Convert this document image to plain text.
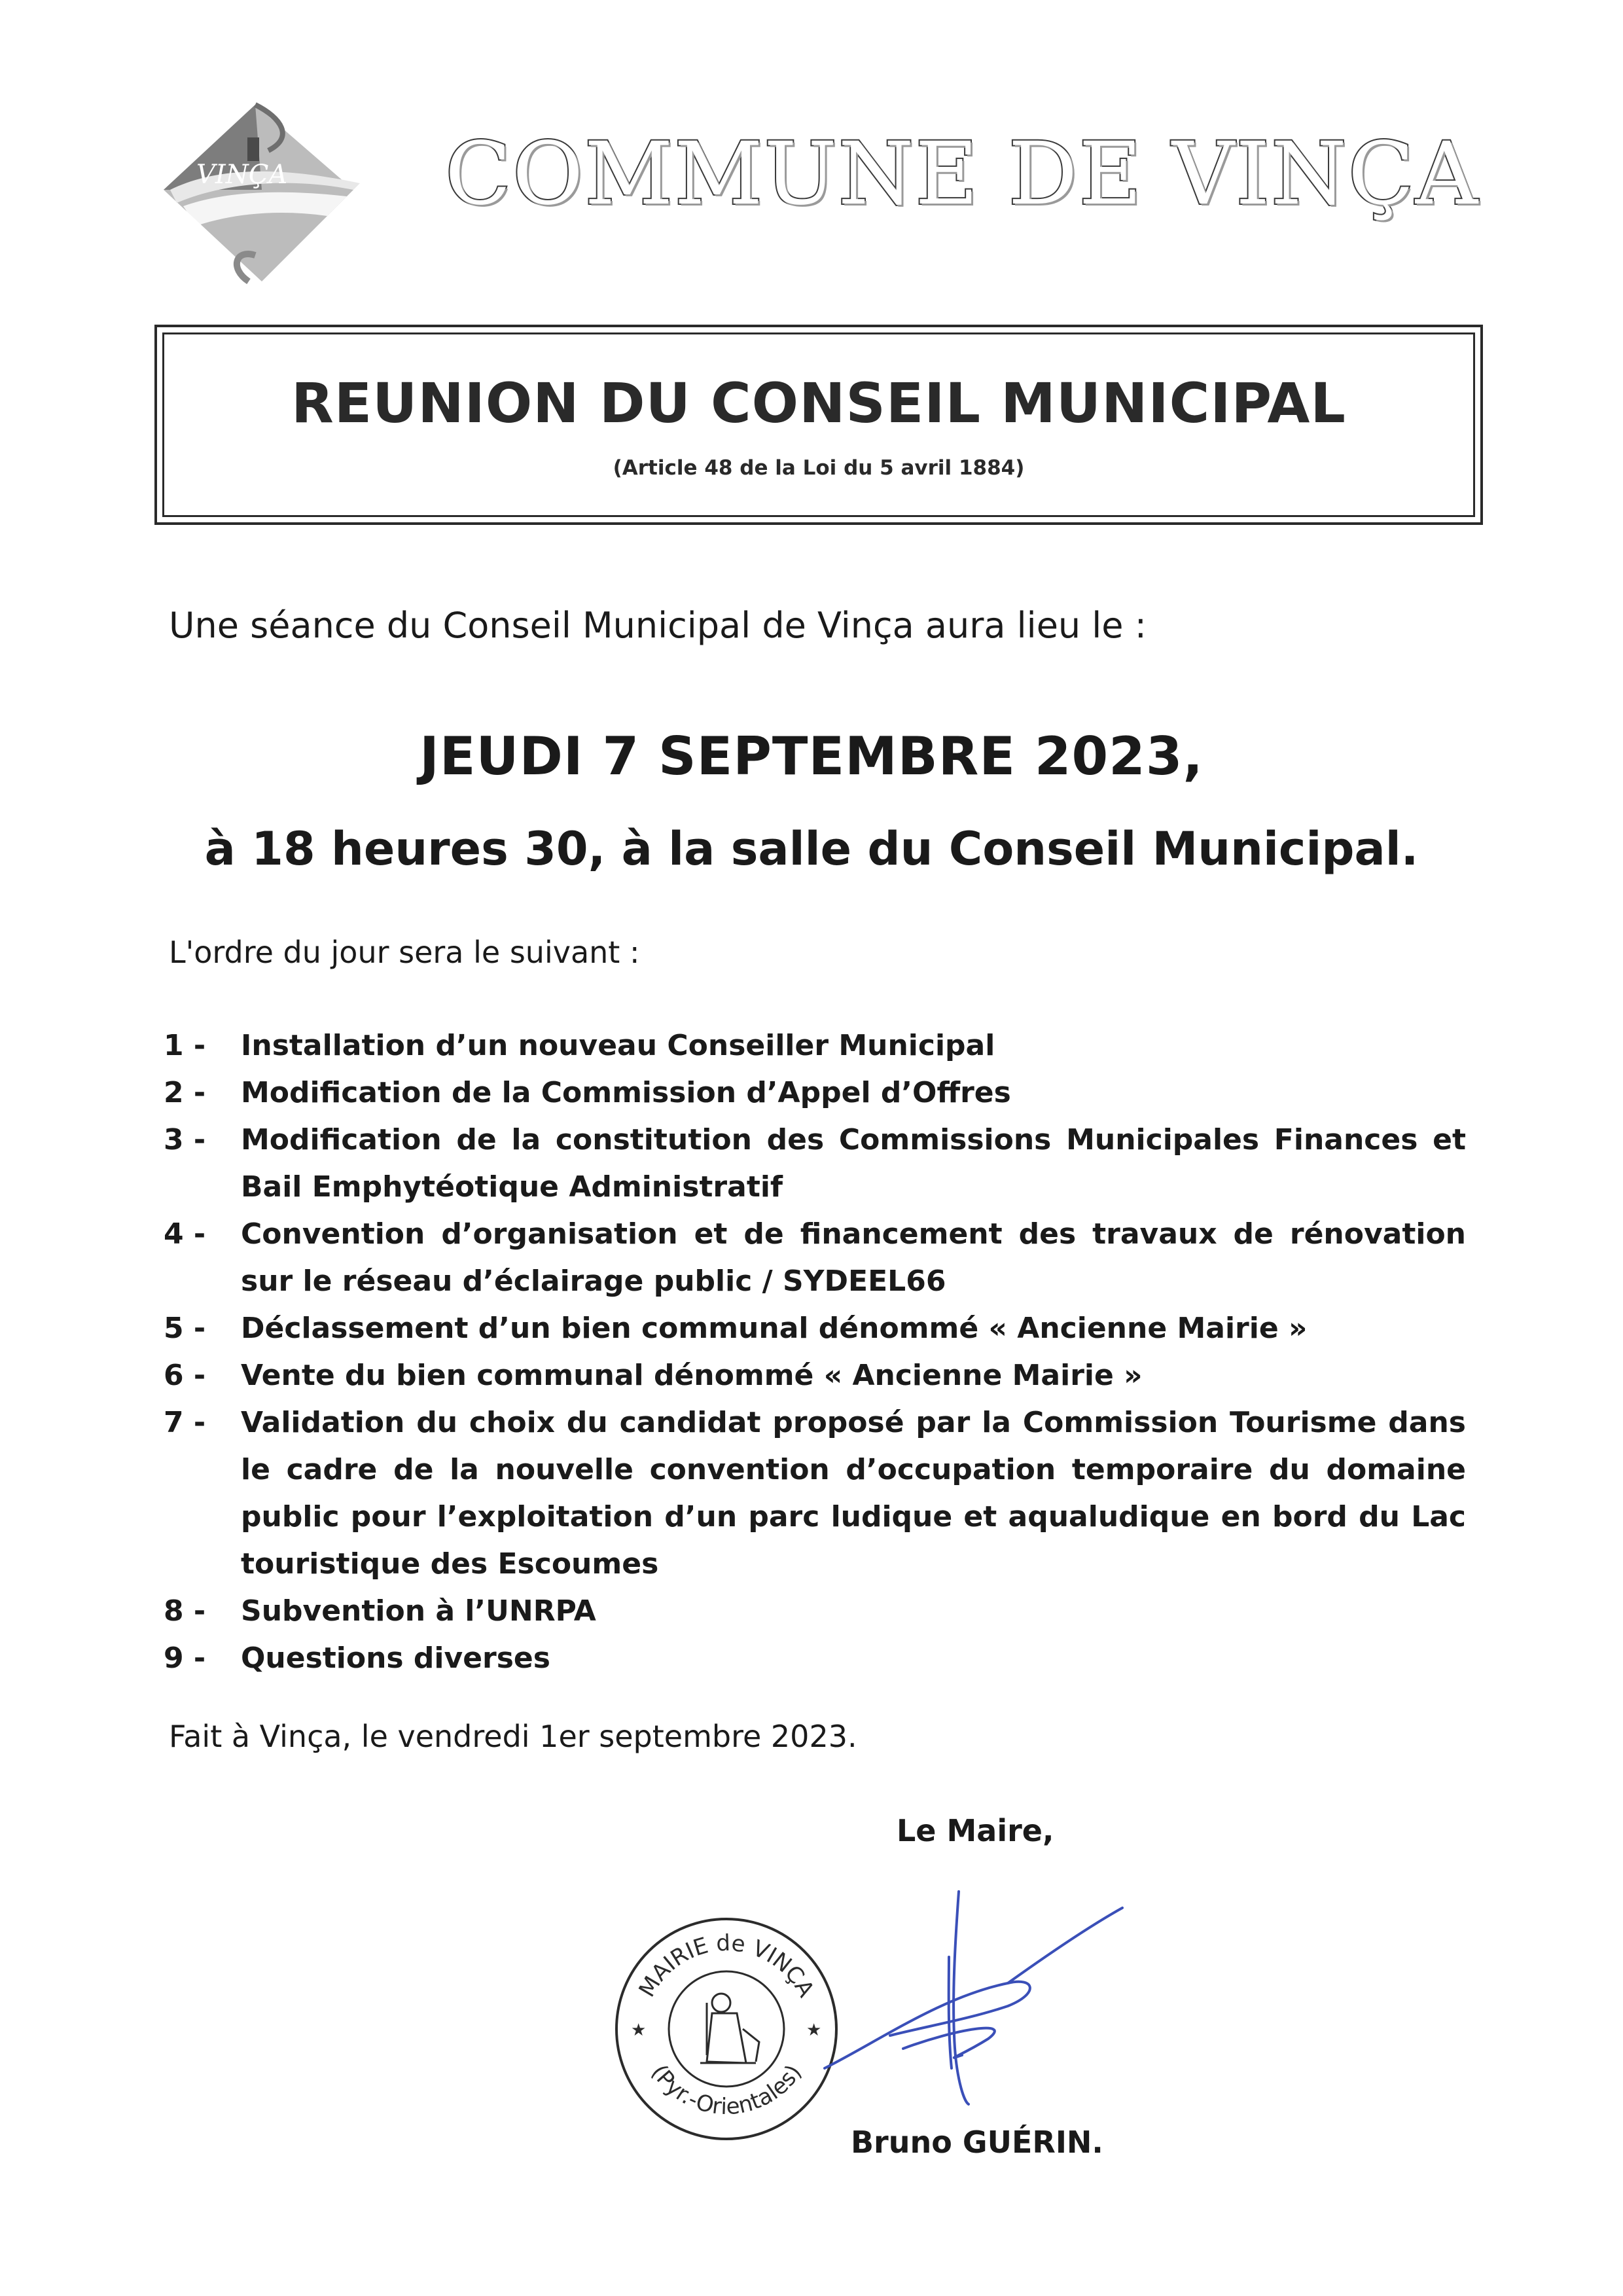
VINÇA COMMUNE DE VINÇA
REUNION DU CONSEIL MUNICIPAL
(Article 48 de la Loi du 5 avril 1884)
Une séance du Conseil Municipal de Vinça aura lieu le :
JEUDI 7 SEPTEMBRE 2023,
à 18 heures 30, à la salle du Conseil Municipal.
L'ordre du jour sera le suivant :
1 -	Installation d’un nouveau Conseiller Municipal
2 -	Modification de la Commission d’Appel d’Offres
3 -	Modification de la constitution des Commissions Municipales Finances et Bail Emphytéotique Administratif
4 -	Convention d’organisation et de financement des travaux de rénovation sur le réseau d’éclairage public / SYDEEL66
5 -	Déclassement d’un bien communal dénommé « Ancienne Mairie »
6 -	Vente du bien communal dénommé « Ancienne Mairie »
7 -	Validation du choix du candidat proposé par la Commission Tourisme dans le cadre de la nouvelle convention d’occupation temporaire du domaine public pour l’exploitation d’un parc ludique et aqualudique en bord du Lac touristique des Escoumes
8 -	Subvention à l’UNRPA
9 -	Questions diverses
Fait à Vinça, le vendredi 1er septembre 2023.
Le Maire,
MAIRIE de VINÇA
(Pyr.-Orientales)
★	★
Bruno GUÉRIN.
